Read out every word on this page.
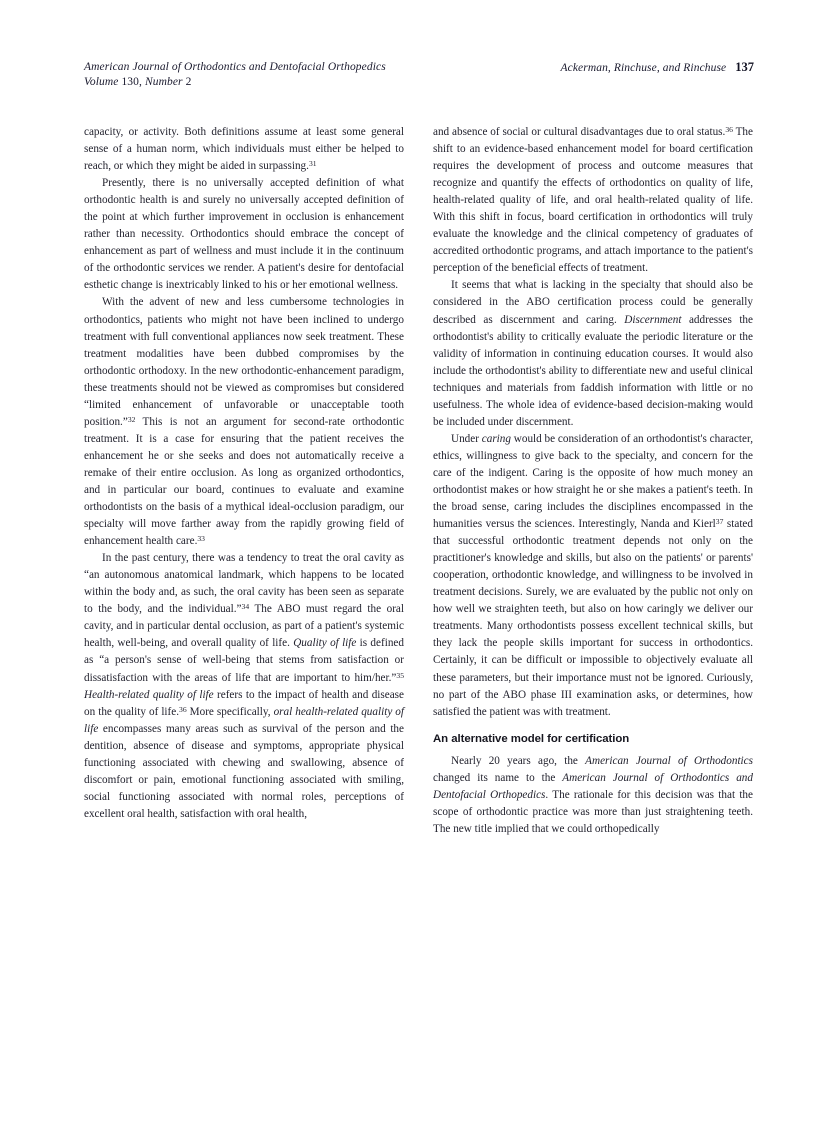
American Journal of Orthodontics and Dentofacial Orthopedics
Volume 130, Number 2
Ackerman, Rinchuse, and Rinchuse 137

capacity, or activity. Both definitions assume at least some general sense of a human norm, which individuals must either be helped to reach, or which they might be aided in surpassing.$^{31}$

Presently, there is no universally accepted definition of what orthodontic health is and surely no universally accepted definition of the point at which further improvement in occlusion is enhancement rather than necessity. Orthodontics should embrace the concept of enhancement as part of wellness and must include it in the continuum of the orthodontic services we render. A patient's desire for dentofacial esthetic change is inextricably linked to his or her emotional wellness.

With the advent of new and less cumbersome technologies in orthodontics, patients who might not have been inclined to undergo treatment with full conventional appliances now seek treatment. These treatment modalities have been dubbed compromises by the orthodontic orthodoxy. In the new orthodontic-enhancement paradigm, these treatments should not be viewed as compromises but considered “limited enhancement of unfavorable or unacceptable tooth position.”$^{32}$ This is not an argument for second-rate orthodontic treatment. It is a case for ensuring that the patient receives the enhancement he or she seeks and does not automatically receive a remake of their entire occlusion. As long as organized orthodontics, and in particular our board, continues to evaluate and examine orthodontists on the basis of a mythical ideal-occlusion paradigm, our specialty will move farther away from the rapidly growing field of enhancement health care.$^{33}$

In the past century, there was a tendency to treat the oral cavity as “an autonomous anatomical landmark, which happens to be located within the body and, as such, the oral cavity has been seen as separate to the body, and the individual.”$^{34}$ The ABO must regard the oral cavity, and in particular dental occlusion, as part of a patient's systemic health, well-being, and overall quality of life. Quality of life is defined as “a person's sense of well-being that stems from satisfaction or dissatisfaction with the areas of life that are important to him/her.”$^{35}$ Health-related quality of life refers to the impact of health and disease on the quality of life.$^{36}$ More specifically, oral health-related quality of life encompasses many areas such as survival of the person and the dentition, absence of disease and symptoms, appropriate physical functioning associated with chewing and swallowing, absence of discomfort or pain, emotional functioning associated with smiling, social functioning associated with normal roles, perceptions of excellent oral health, satisfaction with oral health,

and absence of social or cultural disadvantages due to oral status.$^{36}$ The shift to an evidence-based enhancement model for board certification requires the development of process and outcome measures that recognize and quantify the effects of orthodontics on quality of life, health-related quality of life, and oral health-related quality of life. With this shift in focus, board certification in orthodontics will truly evaluate the knowledge and the clinical competency of graduates of accredited orthodontic programs, and attach importance to the patient's perception of the beneficial effects of treatment.

It seems that what is lacking in the specialty that should also be considered in the ABO certification process could be generally described as discernment and caring. Discernment addresses the orthodontist's ability to critically evaluate the periodic literature or the validity of information in continuing education courses. It would also include the orthodontist's ability to differentiate new and useful clinical techniques and materials from faddish information with little or no usefulness. The whole idea of evidence-based decision-making would be included under discernment.

Under caring would be consideration of an orthodontist's character, ethics, willingness to give back to the specialty, and concern for the care of the indigent. Caring is the opposite of how much money an orthodontist makes or how straight he or she makes a patient's teeth. In the broad sense, caring includes the disciplines encompassed in the humanities versus the sciences. Interestingly, Nanda and Kierl$^{37}$ stated that successful orthodontic treatment depends not only on the practitioner's knowledge and skills, but also on the patients' or parents' cooperation, orthodontic knowledge, and willingness to be involved in treatment decisions. Surely, we are evaluated by the public not only on how well we straighten teeth, but also on how caringly we deliver our treatments. Many orthodontists possess excellent technical skills, but they lack the people skills important for success in orthodontics. Certainly, it can be difficult or impossible to objectively evaluate all these parameters, but their importance must not be ignored. Curiously, no part of the ABO phase III examination asks, or determines, how satisfied the patient was with treatment.

An alternative model for certification

Nearly 20 years ago, the American Journal of Orthodontics changed its name to the American Journal of Orthodontics and Dentofacial Orthopedics. The rationale for this decision was that the scope of orthodontic practice was more than just straightening teeth. The new title implied that we could orthopedically
